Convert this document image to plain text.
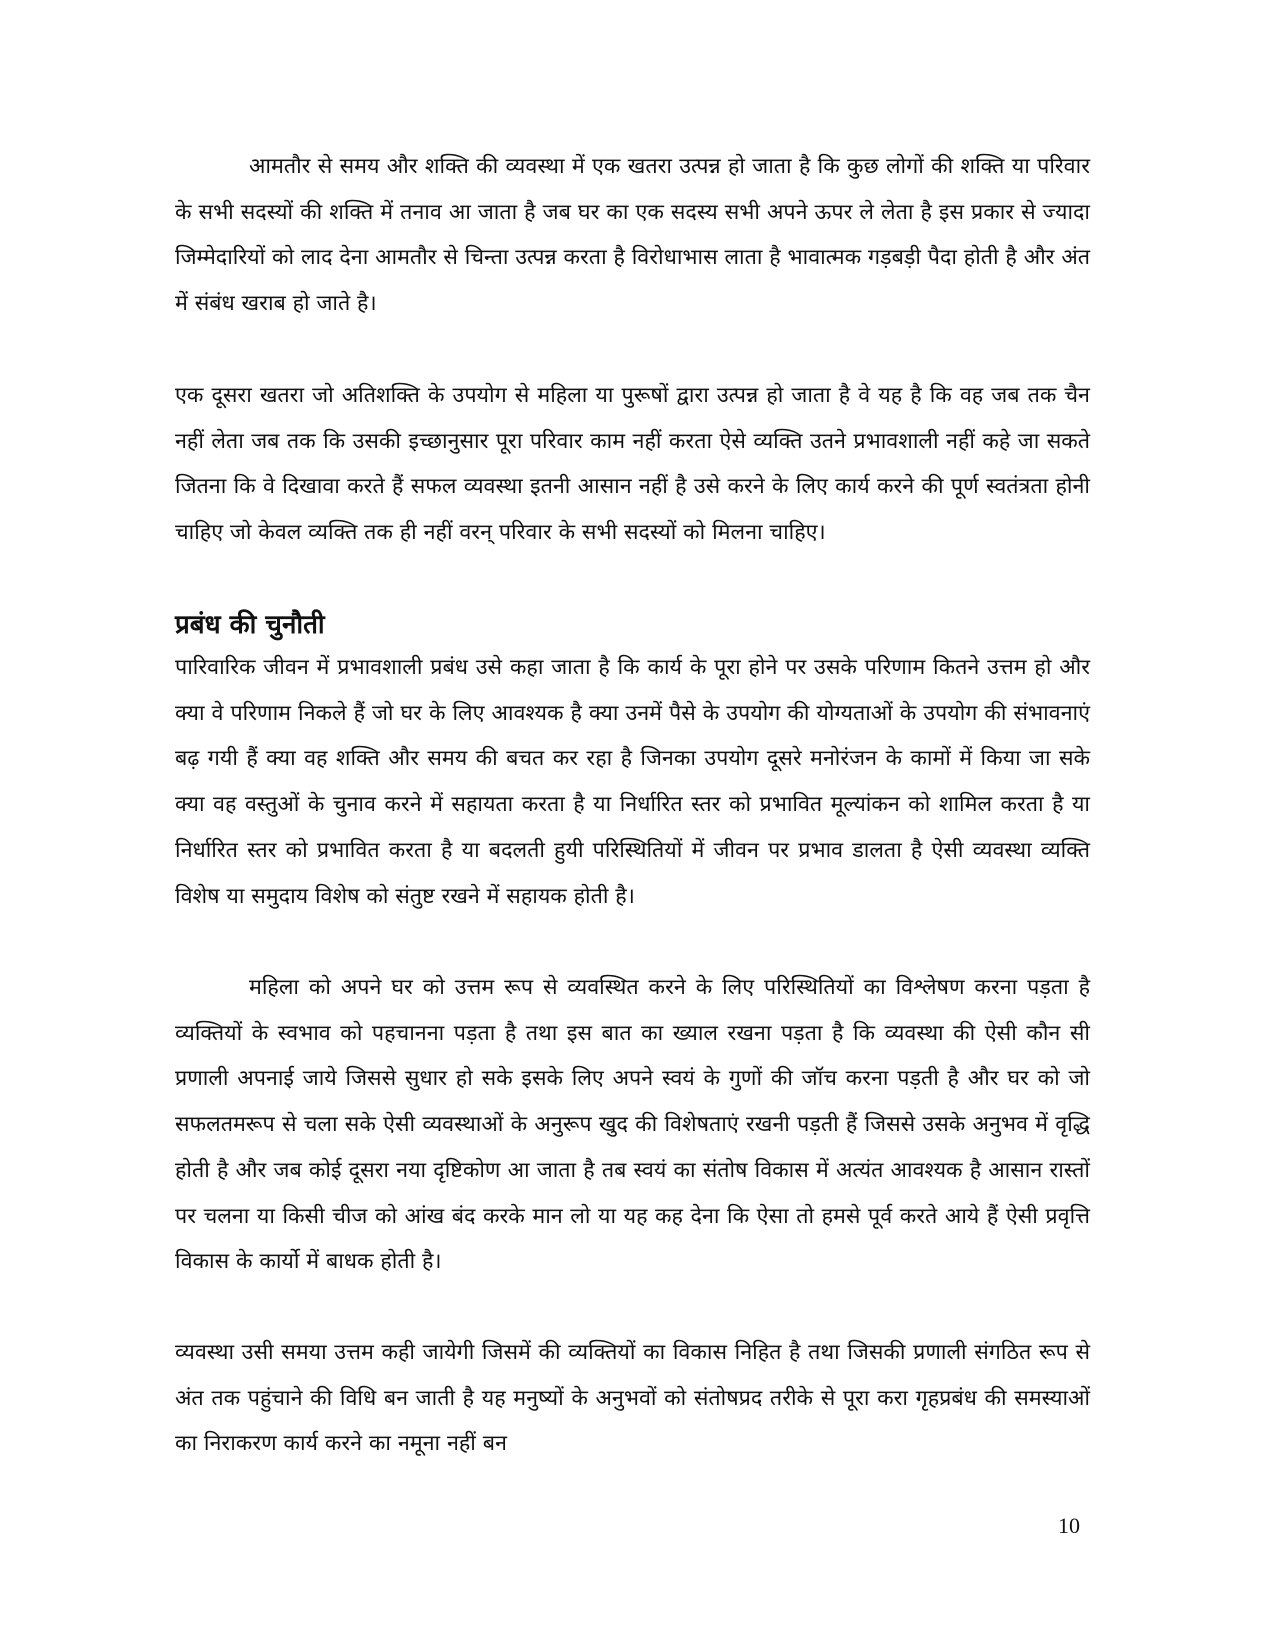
आमतौर से समय और शक्ति की व्यवस्था में एक खतरा उत्पन्न हो जाता है कि कुछ लोगों की शक्ति या परिवार के सभी सदस्यों की शक्ति में तनाव आ जाता है जब घर का एक सदस्य सभी अपने ऊपर ले लेता है इस प्रकार से ज्यादा जिम्मेदारियों को लाद देना आमतौर से चिन्ता उत्पन्न करता है विरोधाभास लाता है भावात्मक गड़बड़ी पैदा होती है और अंत में संबंध खराब हो जाते है।

एक दूसरा खतरा जो अतिशक्ति के उपयोग से महिला या पुरूषों द्वारा उत्पन्न हो जाता है वे यह है कि वह जब तक चैन नहीं लेता जब तक कि उसकी इच्छानुसार पूरा परिवार काम नहीं करता ऐसे व्यक्ति उतने प्रभावशाली नहीं कहे जा सकते जितना कि वे दिखावा करते हैं सफल व्यवस्था इतनी आसान नहीं है उसे करने के लिए कार्य करने की पूर्ण स्वतंत्रता होनी चाहिए जो केवल व्यक्ति तक ही नहीं वरन् परिवार के सभी सदस्यों को मिलना चाहिए।

प्रबंध की चुनौती

पारिवारिक जीवन में प्रभावशाली प्रबंध उसे कहा जाता है कि कार्य के पूरा होने पर उसके परिणाम कितने उत्तम हो और क्या वे परिणाम निकले हैं जो घर के लिए आवश्यक है क्या उनमें पैसे के उपयोग की योग्यताओं के उपयोग की संभावनाएं बढ़ गयी हैं क्या वह शक्ति और समय की बचत कर रहा है जिनका उपयोग दूसरे मनोरंजन के कामों में किया जा सके क्या वह वस्तुओं के चुनाव करने में सहायता करता है या निर्धारित स्तर को प्रभावित मूल्यांकन को शामिल करता है या निर्धारित स्तर को प्रभावित करता है या बदलती हुयी परिस्थितियों में जीवन पर प्रभाव डालता है ऐसी व्यवस्था व्यक्ति विशेष या समुदाय विशेष को संतुष्ट रखने में सहायक होती है।

महिला को अपने घर को उत्तम रूप से व्यवस्थित करने के लिए परिस्थितियों का विश्लेषण करना पड़ता है व्यक्तियों के स्वभाव को पहचानना पड़ता है तथा इस बात का ख्याल रखना पड़ता है कि व्यवस्था की ऐसी कौन सी प्रणाली अपनाई जाये जिससे सुधार हो सके इसके लिए अपने स्वयं के गुणों की जॉच करना पड़ती है और घर को जो सफलतमरूप से चला सके ऐसी व्यवस्थाओं के अनुरूप खुद की विशेषताएं रखनी पड़ती हैं जिससे उसके अनुभव में वृद्धि होती है और जब कोई दूसरा नया दृष्टिकोण आ जाता है तब स्वयं का संतोष विकास में अत्यंत आवश्यक है आसान रास्तों पर चलना या किसी चीज को आंख बंद करके मान लो या यह कह देना कि ऐसा तो हमसे पूर्व करते आये हैं ऐसी प्रवृत्ति विकास के कार्यो में बाधक होती है।

व्यवस्था उसी समया उत्तम कही जायेगी जिसमें की व्यक्तियों का विकास निहित है तथा जिसकी प्रणाली संगठित रूप से अंत तक पहुंचाने की विधि बन जाती है यह मनुष्यों के अनुभवों को संतोषप्रद तरीके से पूरा करा गृहप्रबंध की समस्याओं का निराकरण कार्य करने का नमूना नहीं बन

10
